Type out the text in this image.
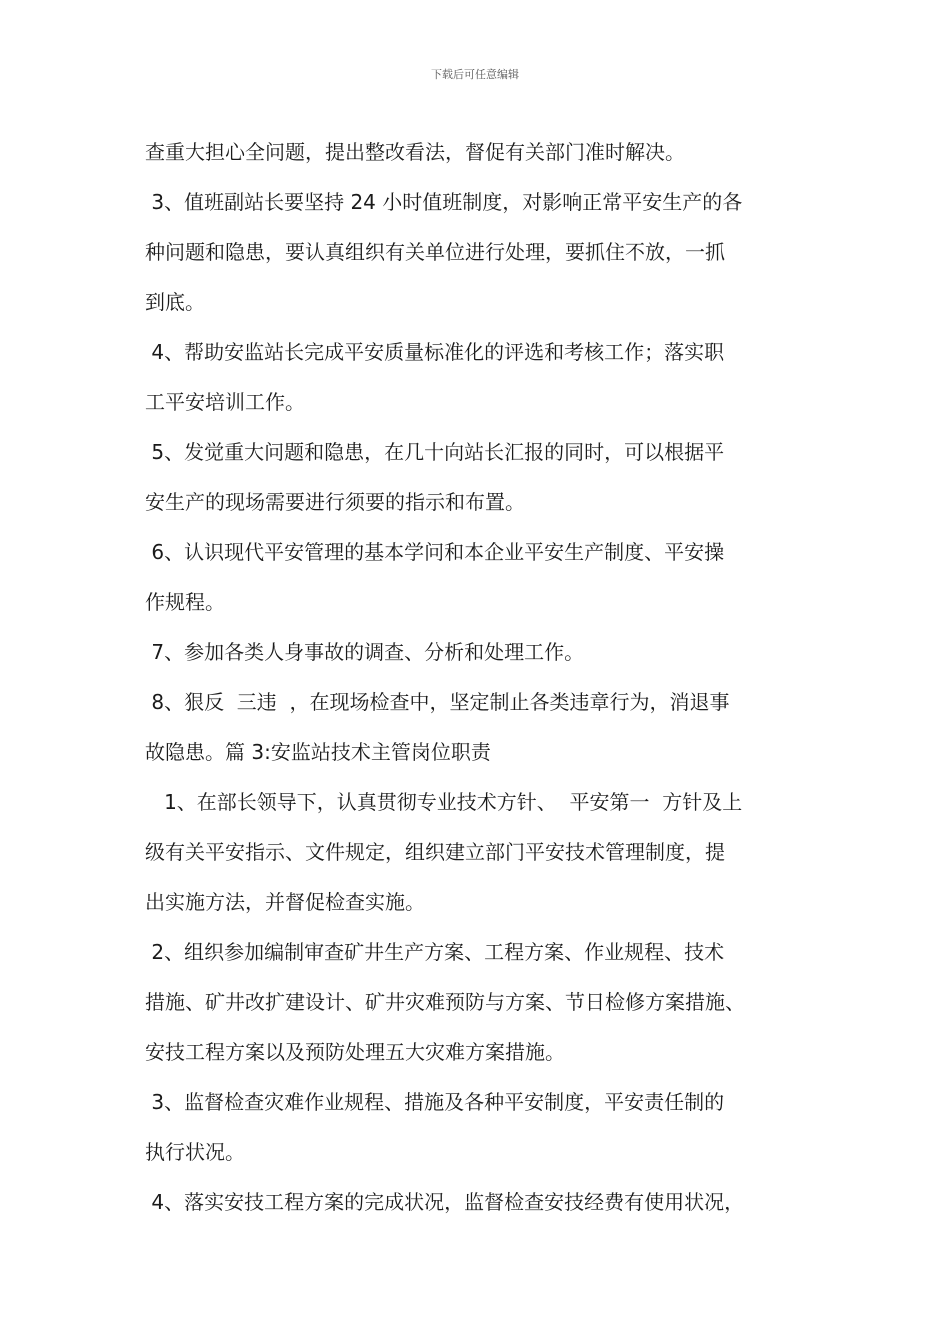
下载后可任意编辑
查重大担心全问题，提出整改看法，督促有关部门准时解决。
3、值班副站长要坚持 24 小时值班制度，对影响正常平安生产的各
种问题和隐患，要认真组织有关单位进行处理，要抓住不放，一抓
到底。
4、帮助安监站长完成平安质量标准化的评选和考核工作；落实职
工平安培训工作。
5、发觉重大问题和隐患，在几十向站长汇报的同时，可以根据平
安生产的现场需要进行须要的指示和布置。
6、认识现代平安管理的基本学问和本企业平安生产制度、平安操
作规程。
7、参加各类人身事故的调查、分析和处理工作。
8、狠反  三违  ，在现场检查中，坚定制止各类违章行为，消退事
故隐患。篇 3:安监站技术主管岗位职责
1、在部长领导下，认真贯彻专业技术方针、  平安第一  方针及上
级有关平安指示、文件规定，组织建立部门平安技术管理制度，提
出实施方法，并督促检查实施。
2、组织参加编制审查矿井生产方案、工程方案、作业规程、技术
措施、矿井改扩建设计、矿井灾难预防与方案、节日检修方案措施、
安技工程方案以及预防处理五大灾难方案措施。
3、监督检查灾难作业规程、措施及各种平安制度，平安责任制的
执行状况。
4、落实安技工程方案的完成状况，监督检查安技经费有使用状况，
